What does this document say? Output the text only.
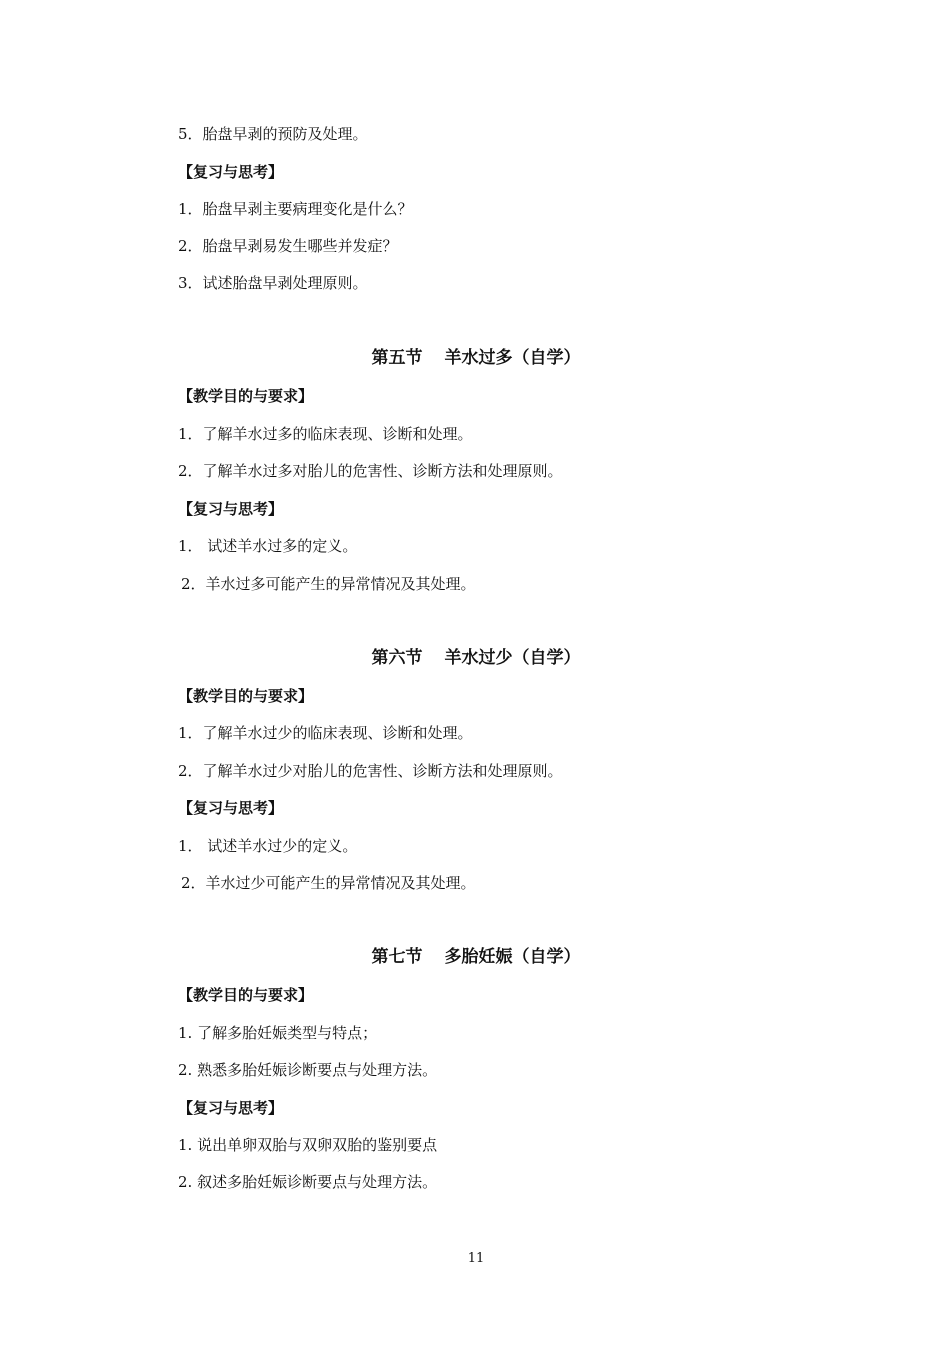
5．胎盘早剥的预防及处理。
【复习与思考】
1．胎盘早剥主要病理变化是什么？
2．胎盘早剥易发生哪些并发症？
3．试述胎盘早剥处理原则。
第五节 羊水过多（自学）
【教学目的与要求】
1．了解羊水过多的临床表现、诊断和处理。
2．了解羊水过多对胎儿的危害性、诊断方法和处理原则。
【复习与思考】
1． 试述羊水过多的定义。
2．羊水过多可能产生的异常情况及其处理。
第六节 羊水过少（自学）
【教学目的与要求】
1．了解羊水过少的临床表现、诊断和处理。
2．了解羊水过少对胎儿的危害性、诊断方法和处理原则。
【复习与思考】
1． 试述羊水过少的定义。
2．羊水过少可能产生的异常情况及其处理。
第七节 多胎妊娠（自学）
【教学目的与要求】
1. 了解多胎妊娠类型与特点；
2. 熟悉多胎妊娠诊断要点与处理方法。
【复习与思考】
1. 说出单卵双胎与双卵双胎的鉴别要点
2. 叙述多胎妊娠诊断要点与处理方法。
11
